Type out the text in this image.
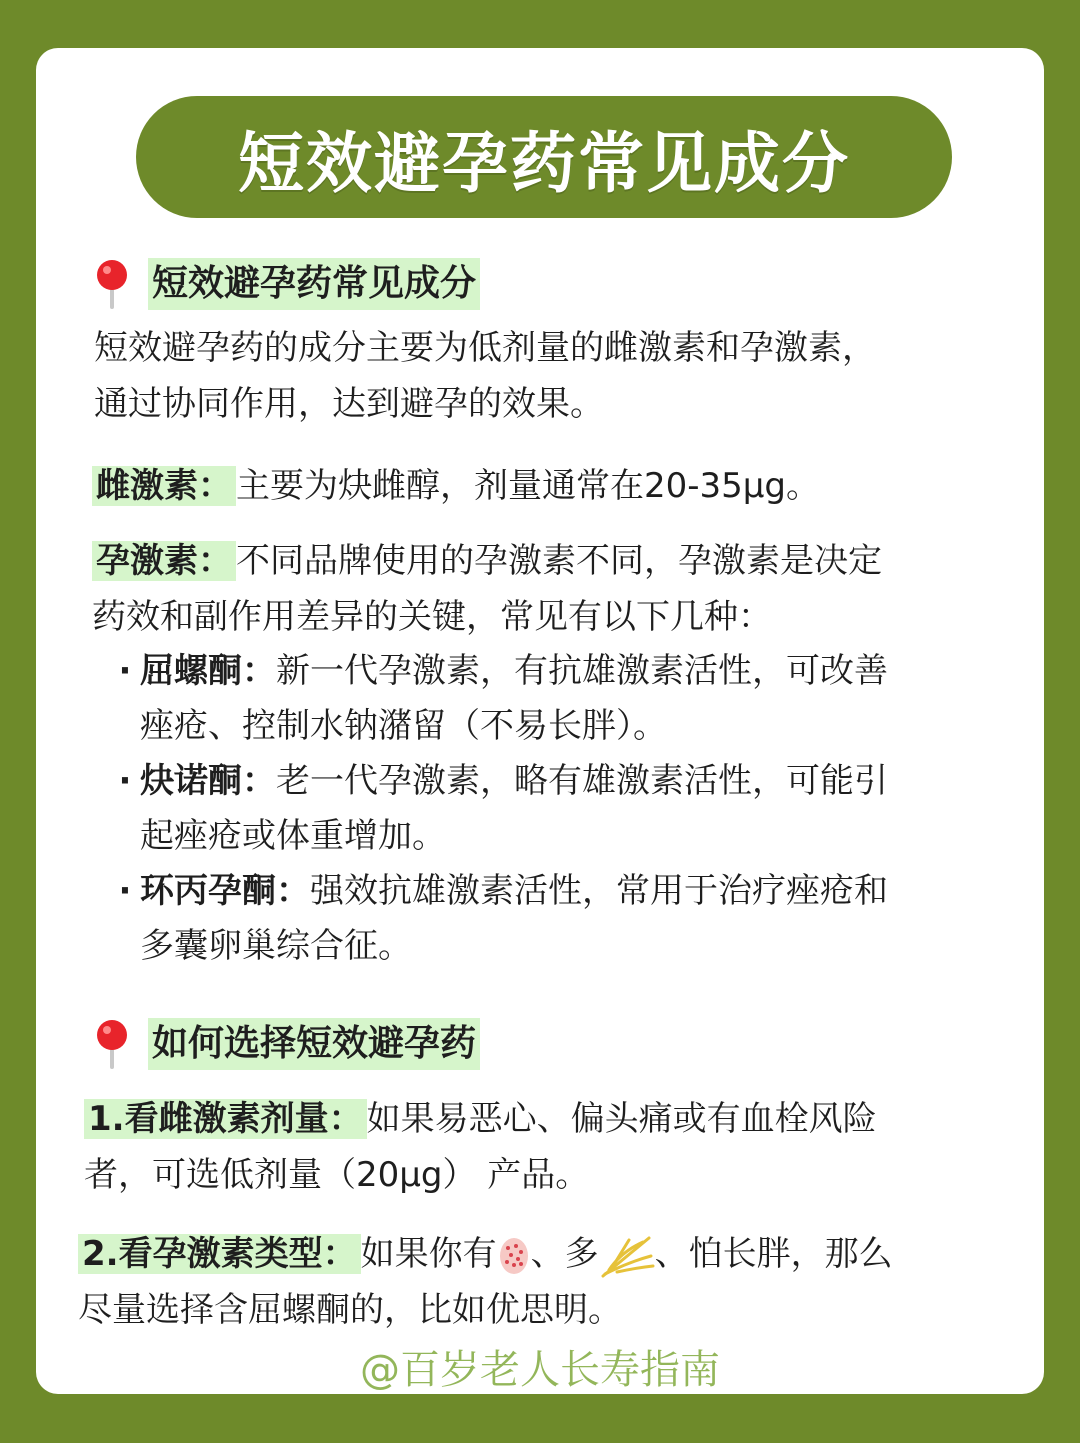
短效避孕药常见成分
短效避孕药常见成分
短效避孕药的成分主要为低剂量的雌激素和孕激素，
通过协同作用，达到避孕的效果。
雌激素： 主要为炔雌醇，剂量通常在20-35μg。
孕激素： 不同品牌使用的孕激素不同，孕激素是决定
药效和副作用差异的关键，常见有以下几种：
· 屈螺酮：新一代孕激素，有抗雄激素活性，可改善
痤疮、控制水钠潴留（不易长胖）。
· 炔诺酮：老一代孕激素，略有雄激素活性，可能引
起痤疮或体重增加。
· 环丙孕酮：强效抗雄激素活性，常用于治疗痤疮和
多囊卵巢综合征。
如何选择短效避孕药
1.看雌激素剂量： 如果易恶心、偏头痛或有血栓风险
者，可选低剂量（20μg） 产品。
2.看孕激素类型： 如果你有 、多 、怕长胖，那么
尽量选择含屈螺酮的，比如优思明。
@百岁老人长寿指南
